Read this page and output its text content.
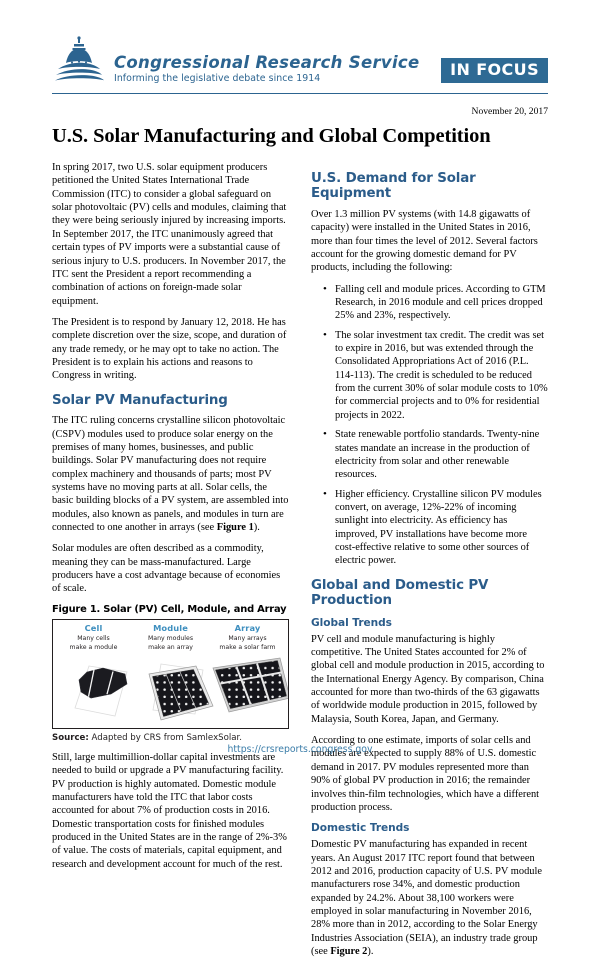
Congressional Research Service
Informing the legislative debate since 1914	IN FOCUS
November 20, 2017
U.S. Solar Manufacturing and Global Competition

In spring 2017, two U.S. solar equipment producers petitioned the United States International Trade Commission (ITC) to consider a global safeguard on solar photovoltaic (PV) cells and modules, claiming that they were being seriously injured by increasing imports. In September 2017, the ITC unanimously agreed that certain types of PV imports were a substantial cause of serious injury to U.S. producers. In November 2017, the ITC sent the President a report recommending a combination of actions on foreign-made solar equipment.

The President is to respond by January 12, 2018. He has complete discretion over the size, scope, and duration of any trade remedy, or he may opt to take no action. The President is to explain his actions and reasons to Congress in writing.

Solar PV Manufacturing

The ITC ruling concerns crystalline silicon photovoltaic (CSPV) modules used to produce solar energy on the premises of many homes, businesses, and public buildings. Solar PV manufacturing does not require complex machinery and thousands of parts; most PV systems have no moving parts at all. Solar cells, the basic building blocks of a PV system, are assembled into modules, also known as panels, and modules in turn are connected to one another in arrays (see Figure 1).

Solar modules are often described as a commodity, meaning they can be mass-manufactured. Large producers have a cost advantage because of economies of scale.

Figure 1. Solar (PV) Cell, Module, and Array
Cell
Many cells
make a module
Module
Many modules
make an array
Array
Many arrays
make a solar farm
Source: Adapted by CRS from SamlexSolar.

Still, large multimillion-dollar capital investments are needed to build or upgrade a PV manufacturing facility. PV production is highly automated. Domestic module manufacturers have told the ITC that labor costs accounted for about 7% of production costs in 2016. Domestic transportation costs for finished modules produced in the United States are in the range of 2%-3% of value. The costs of materials, capital equipment, and research and development account for much of the rest.

U.S. Demand for Solar Equipment

Over 1.3 million PV systems (with 14.8 gigawatts of capacity) were installed in the United States in 2016, more than four times the level of 2012. Several factors account for the growing domestic demand for PV products, including the following:

• Falling cell and module prices. According to GTM Research, in 2016 module and cell prices dropped 25% and 23%, respectively.
• The solar investment tax credit. The credit was set to expire in 2016, but was extended through the Consolidated Appropriations Act of 2016 (P.L. 114-113). The credit is scheduled to be reduced from the current 30% of solar module costs to 10% for commercial projects and to 0% for residential projects in 2022.
• State renewable portfolio standards. Twenty-nine states mandate an increase in the production of electricity from solar and other renewable resources.
• Higher efficiency. Crystalline silicon PV modules convert, on average, 12%-22% of incoming sunlight into electricity. As efficiency has improved, PV installations have become more cost-effective relative to some other sources of electric power.
Global and Domestic PV Production
Global Trends

PV cell and module manufacturing is highly competitive. The United States accounted for 2% of global cell and module production in 2015, according to the International Energy Agency. By comparison, China accounted for more than two-thirds of the 63 gigawatts of worldwide module production in 2015, followed by Malaysia, South Korea, Japan, and Germany.

According to one estimate, imports of solar cells and modules are expected to supply 88% of U.S. domestic demand in 2017. PV modules represented more than 90% of global PV production in 2016; the remainder involves thin-film technologies, which have a different production process.

Domestic Trends

Domestic PV manufacturing has expanded in recent years. An August 2017 ITC report found that between 2012 and 2016, production capacity of U.S. PV module manufacturers rose 34%, and domestic production expanded by 24.2%. About 38,100 workers were employed in solar manufacturing in November 2016, 28% more than in 2012, according to the Solar Energy Industries Association (SEIA), an industry trade group (see Figure 2).

https://crsreports.congress.gov
